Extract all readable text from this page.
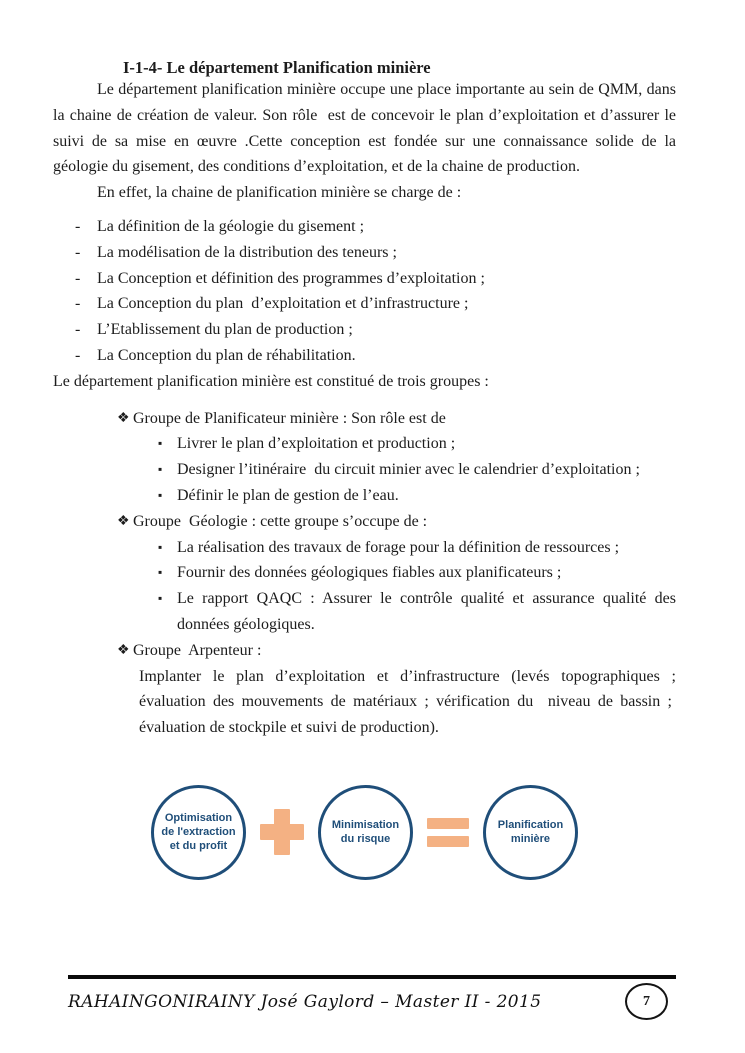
I-1-4- Le département Planification minière

Le département planification minière occupe une place importante au sein de QMM, dans la chaine de création de valeur. Son rôle  est de concevoir le plan d’exploitation et d’assurer le suivi de sa mise en œuvre .Cette conception est fondée sur une connaissance solide de la géologie du gisement, des conditions d’exploitation, et de la chaine de production.

En effet, la chaine de planification minière se charge de :

-	La définition de la géologie du gisement ;
-	La modélisation de la distribution des teneurs ;
-	La Conception et définition des programmes d’exploitation ;
-	La Conception du plan  d’exploitation et d’infrastructure ;
-	L’Etablissement du plan de production ;
-	La Conception du plan de réhabilitation.

Le département planification minière est constitué de trois groupes :

❖ Groupe de Planificateur minière : Son rôle est de
▪ Livrer le plan d’exploitation et production ;
▪ Designer l’itinéraire  du circuit minier avec le calendrier d’exploitation ;
▪ Définir le plan de gestion de l’eau.
❖ Groupe  Géologie : cette groupe s’occupe de :
▪ La réalisation des travaux de forage pour la définition de ressources ;
▪ Fournir des données géologiques fiables aux planificateurs ;
▪ Le rapport QAQC : Assurer le contrôle qualité et assurance qualité des données géologiques.
❖ Groupe  Arpenteur :

Implanter le plan d’exploitation et d’infrastructure (levés topographiques ; évaluation des mouvements de matériaux ; vérification du  niveau de bassin ;  évaluation de stockpile et suivi de production).

Optimisation de l'extraction et du profit
Minimisation du risque
Planification minière
RAHAINGONIRAINY José Gaylord – Master II - 2015	7
